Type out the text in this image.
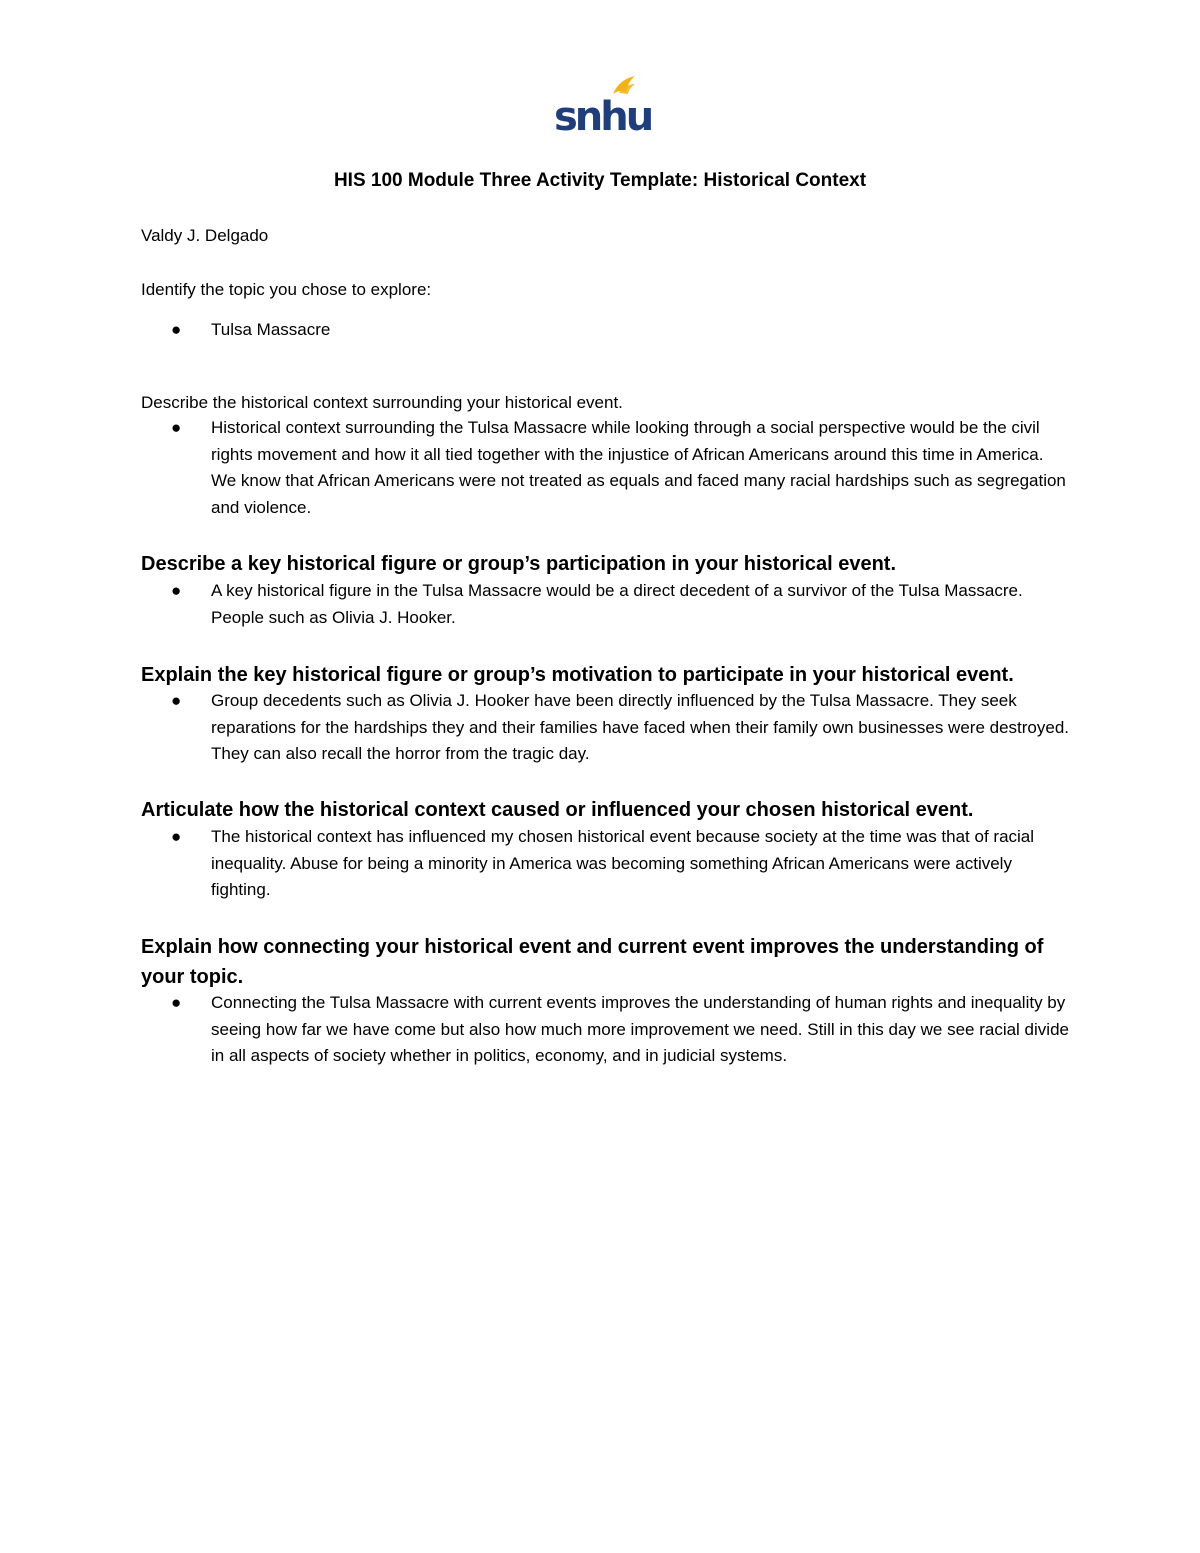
snhu
HIS 100 Module Three Activity Template: Historical Context
Valdy J. Delgado
Identify the topic you chose to explore:
● Tulsa Massacre
Describe the historical context surrounding your historical event.
● Historical context surrounding the Tulsa Massacre while looking through a social perspective would be the civil rights movement and how it all tied together with the injustice of African Americans around this time in America. We know that African Americans were not treated as equals and faced many racial hardships such as segregation and violence.
Describe a key historical figure or group’s participation in your historical event.
● A key historical figure in the Tulsa Massacre would be a direct decedent of a survivor of the Tulsa Massacre. People such as Olivia J. Hooker.
Explain the key historical figure or group’s motivation to participate in your historical event.
● Group decedents such as Olivia J. Hooker have been directly influenced by the Tulsa Massacre. They seek reparations for the hardships they and their families have faced when their family own businesses were destroyed. They can also recall the horror from the tragic day.
Articulate how the historical context caused or influenced your chosen historical event.
● The historical context has influenced my chosen historical event because society at the time was that of racial inequality. Abuse for being a minority in America was becoming something African Americans were actively fighting.
Explain how connecting your historical event and current event improves the understanding of your topic.
● Connecting the Tulsa Massacre with current events improves the understanding of human rights and inequality by seeing how far we have come but also how much more improvement we need. Still in this day we see racial divide in all aspects of society whether in politics, economy, and in judicial systems.
